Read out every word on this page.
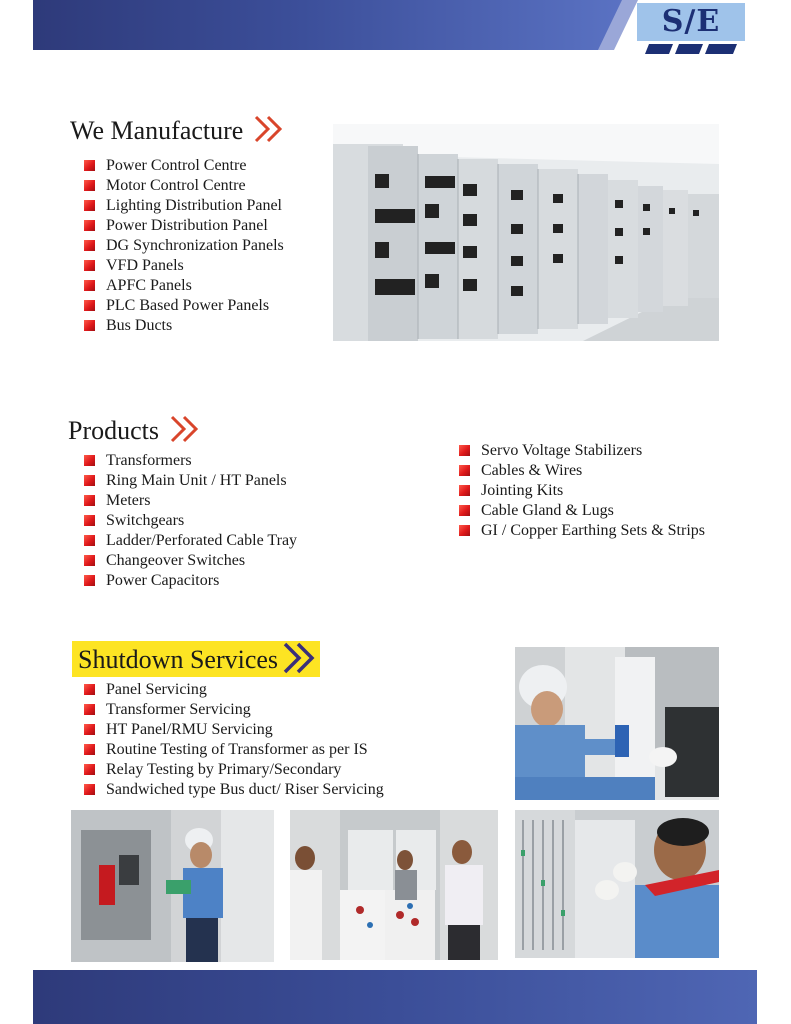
S/E
We Manufacture
Power Control Centre
Motor Control Centre
Lighting Distribution Panel
Power Distribution Panel
DG Synchronization Panels
VFD Panels
APFC Panels
PLC Based Power Panels
Bus Ducts
Products
Transformers
Ring Main Unit / HT Panels
Meters
Switchgears
Ladder/Perforated Cable Tray
Changeover Switches
Power Capacitors
Servo Voltage Stabilizers
Cables & Wires
Jointing Kits
Cable Gland & Lugs
GI / Copper Earthing Sets & Strips
Shutdown Services
Panel Servicing
Transformer Servicing
HT Panel/RMU Servicing
Routine Testing of Transformer as per IS
Relay Testing by Primary/Secondary
Sandwiched type Bus duct/ Riser Servicing
